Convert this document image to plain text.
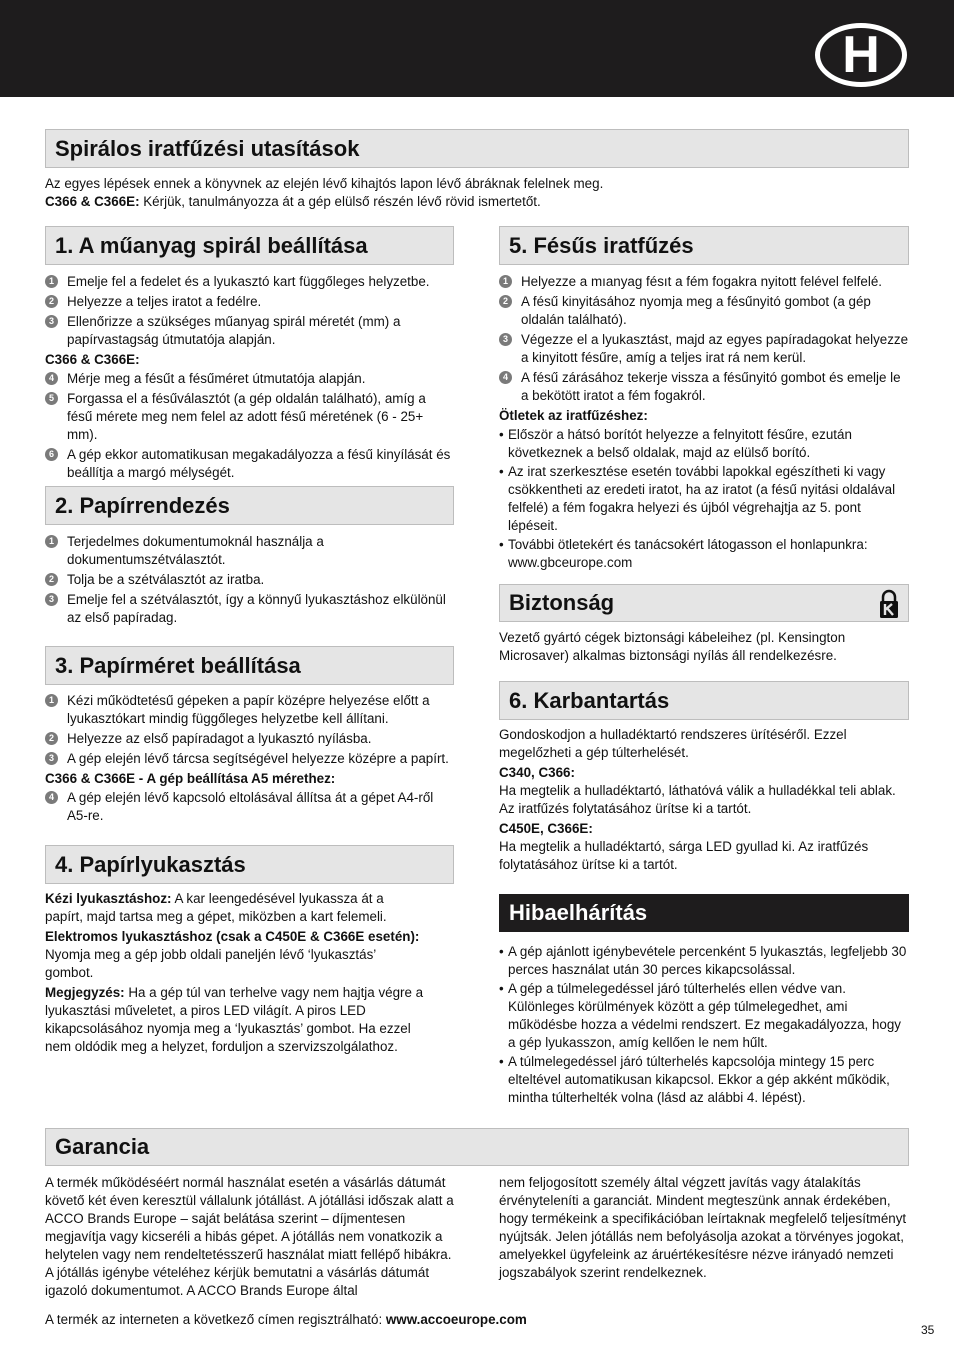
H
Spirálos iratfűzési utasítások

Az egyes lépések ennek a könyvnek az elején lévő kihajtós lapon lévő ábráknak felelnek meg.

C366 & C366E: Kérjük, tanulmányozza át a gép elülső részén lévő rövid ismertetőt.

1. A műanyag spirál beállítása
1 Emelje fel a fedelet és a lyukasztó kart függőleges helyzetbe.
2 Helyezze a teljes iratot a fedélre.
3 Ellenőrizze a szükséges műanyag spirál méretét (mm) a papírvastagság útmutatója alapján.
C366 & C366E:
4 Mérje meg a fésűt a fésűméret útmutatója alapján.
5 Forgassa el a fésűválasztót (a gép oldalán található), amíg a fésű mérete meg nem felel az adott fésű méretének (6 - 25+ mm).
6 A gép ekkor automatikusan megakadályozza a fésű kinyílását és beállítja a margó mélységét.
2. Papírrendezés
1 Terjedelmes dokumentumoknál használja a dokumentumszétválasztót.
2 Tolja be a szétválasztót az iratba.
3 Emelje fel a szétválasztót, így a könnyű lyukasztáshoz elkülönül az első papíradag.
3. Papírméret beállítása
1 Kézi működtetésű gépeken a papír középre helyezése előtt a lyukasztókart mindig függőleges helyzetbe kell állítani.
2 Helyezze az első papíradagot a lyukasztó nyílásba.
3 A gép elején lévő tárcsa segítségével helyezze középre a papírt.
C366 & C366E - A gép beállítása A5 mérethez:
4 A gép elején lévő kapcsoló eltolásával állítsa át a gépet A4-ről A5-re.
4. Papírlyukasztás

Kézi lyukasztáshoz: A kar leengedésével lyukassza át a papírt, majd tartsa meg a gépet, miközben a kart felemeli.

Elektromos lyukasztáshoz (csak a C450E & C366E esetén):

Nyomja meg a gép jobb oldali paneljén lévő ‘lyukasztás’ gombot.

Megjegyzés: Ha a gép túl van terhelve vagy nem hajtja végre a lyukasztási műveletet, a piros LED világít. A piros LED kikapcsolásához nyomja meg a ‘lyukasztás’ gombot. Ha ezzel nem oldódik meg a helyzet, forduljon a szervizszolgálathoz.

5. Fésűs iratfűzés
1 Helyezze a mıanyag fésıt a fém fogakra nyitott felével felfelé.
2 A fésű kinyitásához nyomja meg a fésűnyitó gombot (a gép oldalán található).
3 Végezze el a lyukasztást, majd az egyes papíradagokat helyezze a kinyitott fésűre, amíg a teljes irat rá nem kerül.
4 A fésű zárásához tekerje vissza a fésűnyitó gombot és emelje le a bekötött iratot a fém fogakról.
Ötletek az iratfűzéshez:
• Először a hátsó borítót helyezze a felnyitott fésűre, ezután következnek a belső oldalak, majd az elülső borító.
• Az irat szerkesztése esetén további lapokkal egészítheti ki vagy csökkentheti az eredeti iratot, ha az iratot (a fésű nyitási oldalával felfelé) a fém fogakra helyezi és újból végrehajtja az 5. pont lépéseit.
• További ötletekért és tanácsokért látogasson el honlapunkra: www.gbceurope.com
Biztonság
Vezető gyártó cégek biztonsági kábeleihez (pl. Kensington Microsaver) alkalmas biztonsági nyílás áll rendelkezésre.
6. Karbantartás

Gondoskodjon a hulladéktartó rendszeres ürítéséről. Ezzel megelőzheti a gép túlterhelését.

C340, C366:

Ha megtelik a hulladéktartó, láthatóvá válik a hulladékkal teli ablak. Az iratfűzés folytatásához ürítse ki a tartót.

C450E, C366E:

Ha megtelik a hulladéktartó, sárga LED gyullad ki. Az iratfűzés folytatásához ürítse ki a tartót.

Hibaelhárítás
• A gép ajánlott igénybevétele percenként 5 lyukasztás, legfeljebb 30 perces használat után 30 perces kikapcsolással.
• A gép a túlmelegedéssel járó túlterhelés ellen védve van. Különleges körülmények között a gép túlmelegedhet, ami működésbe hozza a védelmi rendszert. Ez megakadályozza, hogy a gép lyukasszon, amíg kellően le nem hűlt.
• A túlmelegedéssel járó túlterhelés kapcsolója mintegy 15 perc elteltével automatikusan kikapcsol. Ekkor a gép akként működik, mintha túlterhelték volna (lásd az alábbi 4. lépést).
Garancia
A termék működéséért normál használat esetén a vásárlás dátumát követő két éven keresztül vállalunk jótállást. A jótállási időszak alatt a ACCO Brands Europe – saját belátása szerint – díjmentesen megjavítja vagy kicseréli a hibás gépet. A jótállás nem vonatkozik a helytelen vagy nem rendeltetésszerű használat miatt fellépő hibákra. A jótállás igénybe vételéhez kérjük bemutatni a vásárlás dátumát igazoló dokumentumot. A ACCO Brands Europe által
nem feljogosított személy által végzett javítás vagy átalakítás érvényteleníti a garanciát. Mindent megteszünk annak érdekében, hogy termékeink a specifikációban leírtaknak megfelelő teljesítményt nyújtsák. Jelen jótállás nem befolyásolja azokat a törvényes jogokat, amelyekkel ügyfeleink az áruértékesítésre nézve irányadó nemzeti jogszabályok szerint rendelkeznek.
A termék az interneten a következő címen regisztrálható: www.accoeurope.com
35
